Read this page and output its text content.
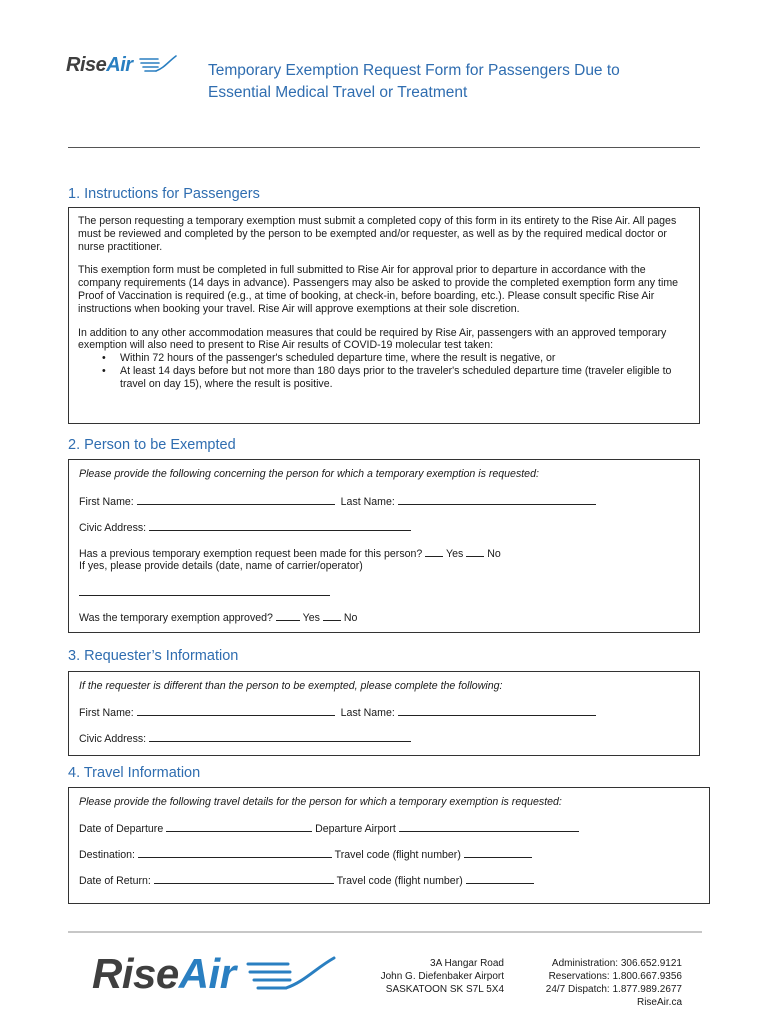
RiseAir	Temporary Exemption Request Form for Passengers Due to
Essential Medical Travel or Treatment
1. Instructions for Passengers

The person requesting a temporary exemption must submit a completed copy of this form in its entirety to the Rise Air. All pages must be reviewed and completed by the person to be exempted and/or requester, as well as by the required medical doctor or nurse practitioner.

This exemption form must be completed in full submitted to Rise Air for approval prior to departure in accordance with the company requirements (14 days in advance). Passengers may also be asked to provide the completed exemption form any time Proof of Vaccination is required (e.g., at time of booking, at check-in, before boarding, etc.). Please consult specific Rise Air instructions when booking your travel. Rise Air will approve exemptions at their sole discretion.

In addition to any other accommodation measures that could be required by Rise Air, passengers with an approved temporary exemption will also need to present to Rise Air results of COVID-19 molecular test taken:

• Within 72 hours of the passenger's scheduled departure time, where the result is negative, or
• At least 14 days before but not more than 180 days prior to the traveler's scheduled departure time (traveler eligible to travel on day 15), where the result is positive.
2. Person to be Exempted
Please provide the following concerning the person for which a temporary exemption is requested:
First Name:	Last Name:
Civic Address:
Has a previous temporary exemption request been made for this person? Yes No
If yes, please provide details (date, name of carrier/operator)
Was the temporary exemption approved?	Yes No
3. Requester’s Information
If the requester is different than the person to be exempted, please complete the following:
First Name:	Last Name:
Civic Address:
4. Travel Information
Please provide the following travel details for the person for which a temporary exemption is requested:
Date of Departure	Departure Airport
Destination:	Travel code (flight number)
Date of Return:	Travel code (flight number)
RiseAir	3A Hangar Road
John G. Diefenbaker Airport
SASKATOON SK S7L 5X4
Administration: 306.652.9121
Reservations: 1.800.667.9356
24/7 Dispatch: 1.877.989.2677
RiseAir.ca
